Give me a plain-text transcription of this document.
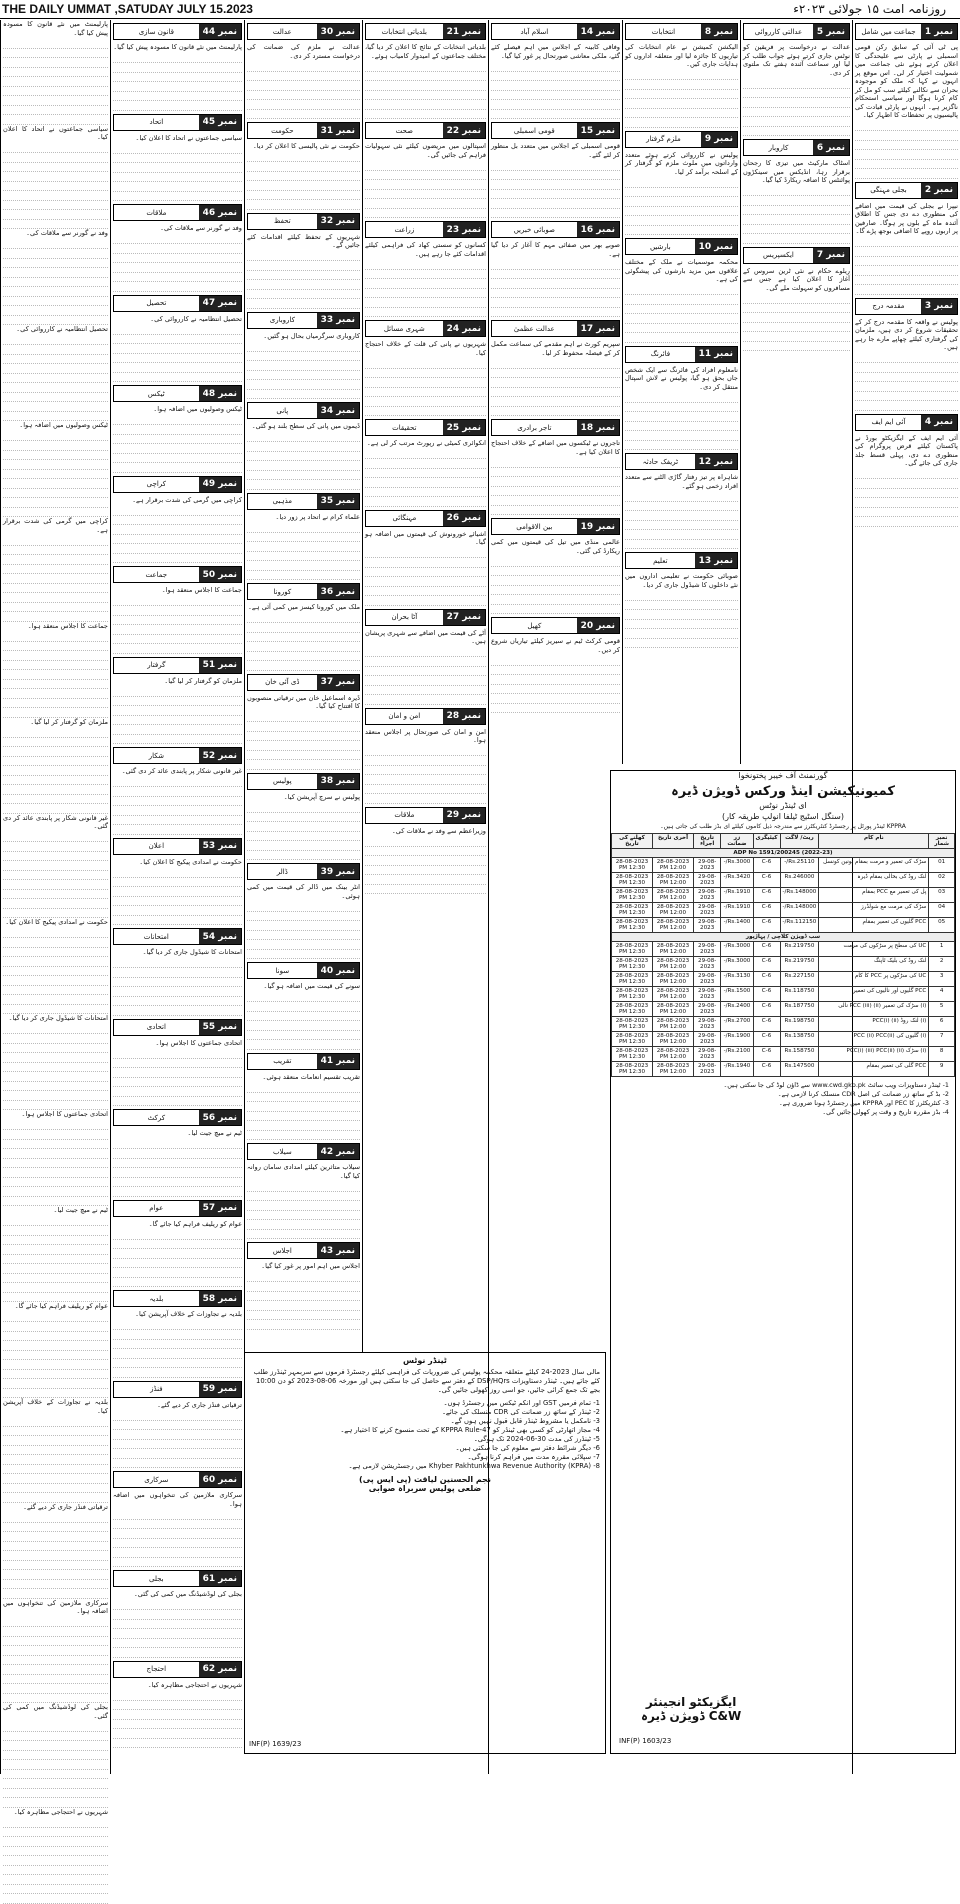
THE DAILY UMMAT ,SATUDAY JULY 15.2023	روزنامہ امت ۱۵ جولائی ۲۰۲۳ء
نمبر 1
جماعت میں شامل
پی ٹی آئی کے سابق رکن قومی اسمبلی نے پارٹی سے علیحدگی کا اعلان کرتے ہوئے نئی جماعت میں شمولیت اختیار کر لی۔ اس موقع پر انہوں نے کہا کہ ملک کو موجودہ بحران سے نکالنے کیلئے سب کو مل کر کام کرنا ہوگا اور سیاسی استحکام ناگزیر ہے۔ انہوں نے پارٹی قیادت کی پالیسیوں پر تحفظات کا اظہار کیا۔
نمبر 2
بجلی مہنگی
نیپرا نے بجلی کی قیمت میں اضافے کی منظوری دے دی جس کا اطلاق آئندہ ماہ کے بلوں پر ہوگا۔ صارفین پر اربوں روپے کا اضافی بوجھ پڑے گا۔
نمبر 3
مقدمہ درج
پولیس نے واقعہ کا مقدمہ درج کر کے تحقیقات شروع کر دی ہیں، ملزمان کی گرفتاری کیلئے چھاپے مارے جا رہے ہیں۔
نمبر 4
آئی ایم ایف
آئی ایم ایف کے ایگزیکٹو بورڈ نے پاکستان کیلئے قرض پروگرام کی منظوری دے دی، پہلی قسط جلد جاری کی جائے گی۔
نمبر 5
عدالتی کارروائی
عدالت نے درخواست پر فریقین کو نوٹس جاری کرتے ہوئے جواب طلب کر لیا اور سماعت آئندہ ہفتے تک ملتوی کر دی۔
نمبر 6
کاروبار
اسٹاک مارکیٹ میں تیزی کا رجحان برقرار رہا، انڈیکس میں سینکڑوں پوائنٹس کا اضافہ ریکارڈ کیا گیا۔
نمبر 7
ایکسپریس
ریلوے حکام نے نئی ٹرین سروس کے آغاز کا اعلان کیا ہے جس سے مسافروں کو سہولت ملے گی۔
نمبر 8
انتخابات
الیکشن کمیشن نے عام انتخابات کی تیاریوں کا جائزہ لیا اور متعلقہ اداروں کو ہدایات جاری کیں۔
نمبر 9
ملزم گرفتار
پولیس نے کارروائی کرتے ہوئے متعدد وارداتوں میں ملوث ملزم کو گرفتار کر کے اسلحہ برآمد کر لیا۔
نمبر 10
بارشیں
محکمہ موسمیات نے ملک کے مختلف علاقوں میں مزید بارشوں کی پیشگوئی کی ہے۔
نمبر 11
فائرنگ
نامعلوم افراد کی فائرنگ سے ایک شخص جاں بحق ہو گیا، پولیس نے لاش اسپتال منتقل کر دی۔
نمبر 12
ٹریفک حادثہ
شاہراہ پر تیز رفتار گاڑی الٹنے سے متعدد افراد زخمی ہو گئے۔
نمبر 13
تعلیم
صوبائی حکومت نے تعلیمی اداروں میں نئے داخلوں کا شیڈول جاری کر دیا۔
نمبر 14
اسلام آباد
وفاقی کابینہ کے اجلاس میں اہم فیصلے کئے گئے، ملکی معاشی صورتحال پر غور کیا گیا۔
نمبر 15
قومی اسمبلی
قومی اسمبلی کے اجلاس میں متعدد بل منظور کر لئے گئے۔
نمبر 16
صوبائی خبریں
صوبے بھر میں صفائی مہم کا آغاز کر دیا گیا ہے۔
نمبر 17
عدالت عظمیٰ
سپریم کورٹ نے اہم مقدمے کی سماعت مکمل کر کے فیصلہ محفوظ کر لیا۔
نمبر 18
تاجر برادری
تاجروں نے ٹیکسوں میں اضافے کے خلاف احتجاج کا اعلان کیا ہے۔
نمبر 19
بین الاقوامی
عالمی منڈی میں تیل کی قیمتوں میں کمی ریکارڈ کی گئی۔
نمبر 20
کھیل
قومی کرکٹ ٹیم نے سیریز کیلئے تیاریاں شروع کر دیں۔
نمبر 21
بلدیاتی انتخابات
بلدیاتی انتخابات کے نتائج کا اعلان کر دیا گیا، مختلف جماعتوں کے امیدوار کامیاب ہوئے۔
نمبر 22
صحت
اسپتالوں میں مریضوں کیلئے نئی سہولیات فراہم کی جائیں گی۔
نمبر 23
زراعت
کسانوں کو سستی کھاد کی فراہمی کیلئے اقدامات کئے جا رہے ہیں۔
نمبر 24
شہری مسائل
شہریوں نے پانی کی قلت کے خلاف احتجاج کیا۔
نمبر 25
تحقیقات
انکوائری کمیٹی نے رپورٹ مرتب کر لی ہے۔
نمبر 26
مہنگائی
اشیائے خورونوش کی قیمتوں میں اضافہ ہو گیا۔
نمبر 27
آٹا بحران
آٹے کی قیمت میں اضافے سے شہری پریشان ہیں۔
نمبر 28
امن و امان
امن و امان کی صورتحال پر اجلاس منعقد ہوا۔
نمبر 29
ملاقات
وزیراعظم سے وفد نے ملاقات کی۔
نمبر 30
عدالت
عدالت نے ملزم کی ضمانت کی درخواست مسترد کر دی۔
نمبر 31
حکومت
حکومت نے نئی پالیسی کا اعلان کر دیا۔
نمبر 32
تحفظ
شہریوں کے تحفظ کیلئے اقدامات کئے جائیں گے۔
نمبر 33
کاروباری
کاروباری سرگرمیاں بحال ہو گئیں۔
نمبر 34
پانی
ڈیموں میں پانی کی سطح بلند ہو گئی۔
نمبر 35
مذہبی
علماء کرام نے اتحاد پر زور دیا۔
نمبر 36
کورونا
ملک میں کورونا کیسز میں کمی آئی ہے۔
نمبر 37
ڈی آئی خان
ڈیرہ اسماعیل خان میں ترقیاتی منصوبوں کا افتتاح کیا گیا۔
نمبر 38
پولیس
پولیس نے سرچ آپریشن کیا۔
نمبر 39
ڈالر
انٹر بینک میں ڈالر کی قیمت میں کمی ہوئی۔
نمبر 40
سونا
سونے کی قیمت میں اضافہ ہو گیا۔
نمبر 41
تقریب
تقریب تقسیم انعامات منعقد ہوئی۔
نمبر 42
سیلاب
سیلاب متاثرین کیلئے امدادی سامان روانہ کیا گیا۔
نمبر 43
اجلاس
اجلاس میں اہم امور پر غور کیا گیا۔
نمبر 44
قانون سازی
پارلیمنٹ میں نئے قانون کا مسودہ پیش کیا گیا۔
نمبر 45
اتحاد
سیاسی جماعتوں نے اتحاد کا اعلان کیا۔
نمبر 46
ملاقات
وفد نے گورنر سے ملاقات کی۔
نمبر 47
تحصیل
تحصیل انتظامیہ نے کارروائی کی۔
نمبر 48
ٹیکس
ٹیکس وصولیوں میں اضافہ ہوا۔
نمبر 49
کراچی
کراچی میں گرمی کی شدت برقرار ہے۔
نمبر 50
جماعت
جماعت کا اجلاس منعقد ہوا۔
نمبر 51
گرفتار
ملزمان کو گرفتار کر لیا گیا۔
نمبر 52
شکار
غیر قانونی شکار پر پابندی عائد کر دی گئی۔
نمبر 53
اعلان
حکومت نے امدادی پیکیج کا اعلان کیا۔
نمبر 54
امتحانات
امتحانات کا شیڈول جاری کر دیا گیا۔
نمبر 55
اتحادی
اتحادی جماعتوں کا اجلاس ہوا۔
نمبر 56
کرکٹ
ٹیم نے میچ جیت لیا۔
نمبر 57
عوام
عوام کو ریلیف فراہم کیا جائے گا۔
نمبر 58
بلدیہ
بلدیہ نے تجاوزات کے خلاف آپریشن کیا۔
نمبر 59
فنڈز
ترقیاتی فنڈز جاری کر دیے گئے۔
نمبر 60
سرکاری
سرکاری ملازمین کی تنخواہوں میں اضافہ ہوا۔
نمبر 61
بجلی
بجلی کی لوڈشیڈنگ میں کمی کی گئی۔
نمبر 62
احتجاج
شہریوں نے احتجاجی مظاہرہ کیا۔
پارلیمنٹ میں نئے قانون کا مسودہ پیش کیا گیا۔
سیاسی جماعتوں نے اتحاد کا اعلان کیا۔
وفد نے گورنر سے ملاقات کی۔
تحصیل انتظامیہ نے کارروائی کی۔
ٹیکس وصولیوں میں اضافہ ہوا۔
کراچی میں گرمی کی شدت برقرار ہے۔
جماعت کا اجلاس منعقد ہوا۔
ملزمان کو گرفتار کر لیا گیا۔
غیر قانونی شکار پر پابندی عائد کر دی گئی۔
حکومت نے امدادی پیکیج کا اعلان کیا۔
امتحانات کا شیڈول جاری کر دیا گیا۔
اتحادی جماعتوں کا اجلاس ہوا۔
ٹیم نے میچ جیت لیا۔
عوام کو ریلیف فراہم کیا جائے گا۔
بلدیہ نے تجاوزات کے خلاف آپریشن کیا۔
ترقیاتی فنڈز جاری کر دیے گئے۔
سرکاری ملازمین کی تنخواہوں میں اضافہ ہوا۔
بجلی کی لوڈشیڈنگ میں کمی کی گئی۔
شہریوں نے احتجاجی مظاہرہ کیا۔
گورنمنٹ آف خیبر پختونخوا
کمیونیکیشن اینڈ ورکس ڈویژن ڈیرہ
ای ٹینڈر نوٹس
(سنگل اسٹیج ٹیلفا انولپ طریقہ کار)
KPPRA ٹینڈر پورٹل پر رجسٹرڈ کنٹریکٹرز سے مندرجہ ذیل کاموں کیلئے ای بڈز طلب کی جاتی ہیں۔
نمبر شمار	نام کام	ریٹ/ لاگت	کیٹیگری	زر ضمانت	تاریخ اجراء	آخری تاریخ	کھلنے کی تاریخ
ADP No 1591/200245 (2022-23)							
01	سڑک کی تعمیر و مرمت بمقام یونین کونسل	Rs.25110/-	C-6	Rs.3000/-	29-08-2023	28-08-2023 12:00 PM	28-08-2023 12:30 PM
02	لنک روڈ کی بحالی بمقام ڈیرہ	Rs.246000	C-6	Rs.3420/-	29-08-2023	28-08-2023 12:00 PM	28-08-2023 12:30 PM
03	پل کی تعمیر مع PCC بمقام	Rs.148000/-	C-6	Rs.1910/-	29-08-2023	28-08-2023 12:00 PM	28-08-2023 12:30 PM
04	سڑک کی مرمت مع شولڈرز	Rs.148000/-	C-6	Rs.1910/-	29-08-2023	28-08-2023 12:00 PM	28-08-2023 12:30 PM
05	PCC گلیوں کی تعمیر بمقام	Rs.112150/-	C-6	Rs.1400/-	29-08-2023	28-08-2023 12:00 PM	28-08-2023 12:30 PM
سب ڈویژن کلاچی / پہاڑپور							
1	UC کی سطح پر سڑکوں کی مرمت	Rs.219750	C-6	Rs.3000/-	29-08-2023	28-08-2023 12:00 PM	28-08-2023 12:30 PM
2	لنک روڈ کی بلیک ٹاپنگ	Rs.219750	C-6	Rs.3000/-	29-08-2023	28-08-2023 12:00 PM	28-08-2023 12:30 PM
3	UC کی سڑکوں پر PCC کا کام	Rs.227150	C-6	Rs.3130/-	29-08-2023	28-08-2023 12:00 PM	28-08-2023 12:30 PM
4	PCC گلیوں اور نالیوں کی تعمیر	Rs.118750	C-6	Rs.1500/-	29-08-2023	28-08-2023 12:00 PM	28-08-2023 12:30 PM
5	(i) سڑک کی تعمیر (ii) PCC (iii) نالی	Rs.187750	C-6	Rs.2400/-	29-08-2023	28-08-2023 12:00 PM	28-08-2023 12:30 PM
6	(i) لنک روڈ (ii) PCC(i)	Rs.198750	C-6	Rs.2700/-	29-08-2023	28-08-2023 12:00 PM	28-08-2023 12:30 PM
7	(i) گلیوں کی PCC (ii) PCC(ii)	Rs.138750	C-6	Rs.1900/-	29-08-2023	28-08-2023 12:00 PM	28-08-2023 12:30 PM
8	(i) سڑک (ii) PCC(i) (iii) PCC(ii)	Rs.158750	C-6	Rs.2100/-	29-08-2023	28-08-2023 12:00 PM	28-08-2023 12:30 PM
9	PCC گلی کی تعمیر بمقام	Rs.147500	C-6	Rs.1940/-	29-08-2023	28-08-2023 12:00 PM	28-08-2023 12:30 PM
1- ٹینڈر دستاویزات ویب سائٹ www.cwd.gkp.pk سے ڈاؤن لوڈ کی جا سکتی ہیں۔
2- بڈ کے ساتھ زر ضمانت کی اصل CDR منسلک کرنا لازمی ہے۔
3- کنٹریکٹرز کا PEC اور KPPRA میں رجسٹرڈ ہونا ضروری ہے۔
4- بڈز مقررہ تاریخ و وقت پر کھولی جائیں گی۔
ایگزیکٹو انجینئر
C&W ڈویژن ڈیرہ
INF(P) 1603/23
ٹینڈر نوٹس
مالی سال 2023-24 کیلئے متعلقہ محکمہ پولیس کی ضروریات کی فراہمی کیلئے رجسٹرڈ فرموں سے سربمہر ٹینڈرز طلب کئے جاتے ہیں۔ ٹینڈر دستاویزات DSP/HQrs کے دفتر سے حاصل کی جا سکتی ہیں اور مورخہ 06-08-2023 کو دن 10:00 بجے تک جمع کرائی جائیں، جو اسی روز کھولی جائیں گی۔
1- تمام فرمیں GST اور انکم ٹیکس میں رجسٹرڈ ہوں۔
2- ٹینڈر کے ساتھ زر ضمانت کی CDR منسلک کی جائے۔
3- نامکمل یا مشروط ٹینڈر قابل قبول نہیں ہوں گے۔
4- مجاز اتھارٹی کو کسی بھی ٹینڈر کو KPPRA Rule-47 کے تحت منسوخ کرنے کا اختیار ہے۔
5- ٹینڈرز کی مدت 30-06-2024 تک ہوگی۔
6- دیگر شرائط دفتر سے معلوم کی جا سکتی ہیں۔
7- سپلائی مقررہ مدت میں فراہم کرنا ہوگی۔
8- Khyber Pakhtunkhwa Revenue Authority (KPRA) میں رجسٹریشن لازمی ہے۔
نجم الحسنین لیاقت (پی ایس پی)
ضلعی پولیس سربراہ صوابی
INF(P) 1639/23
